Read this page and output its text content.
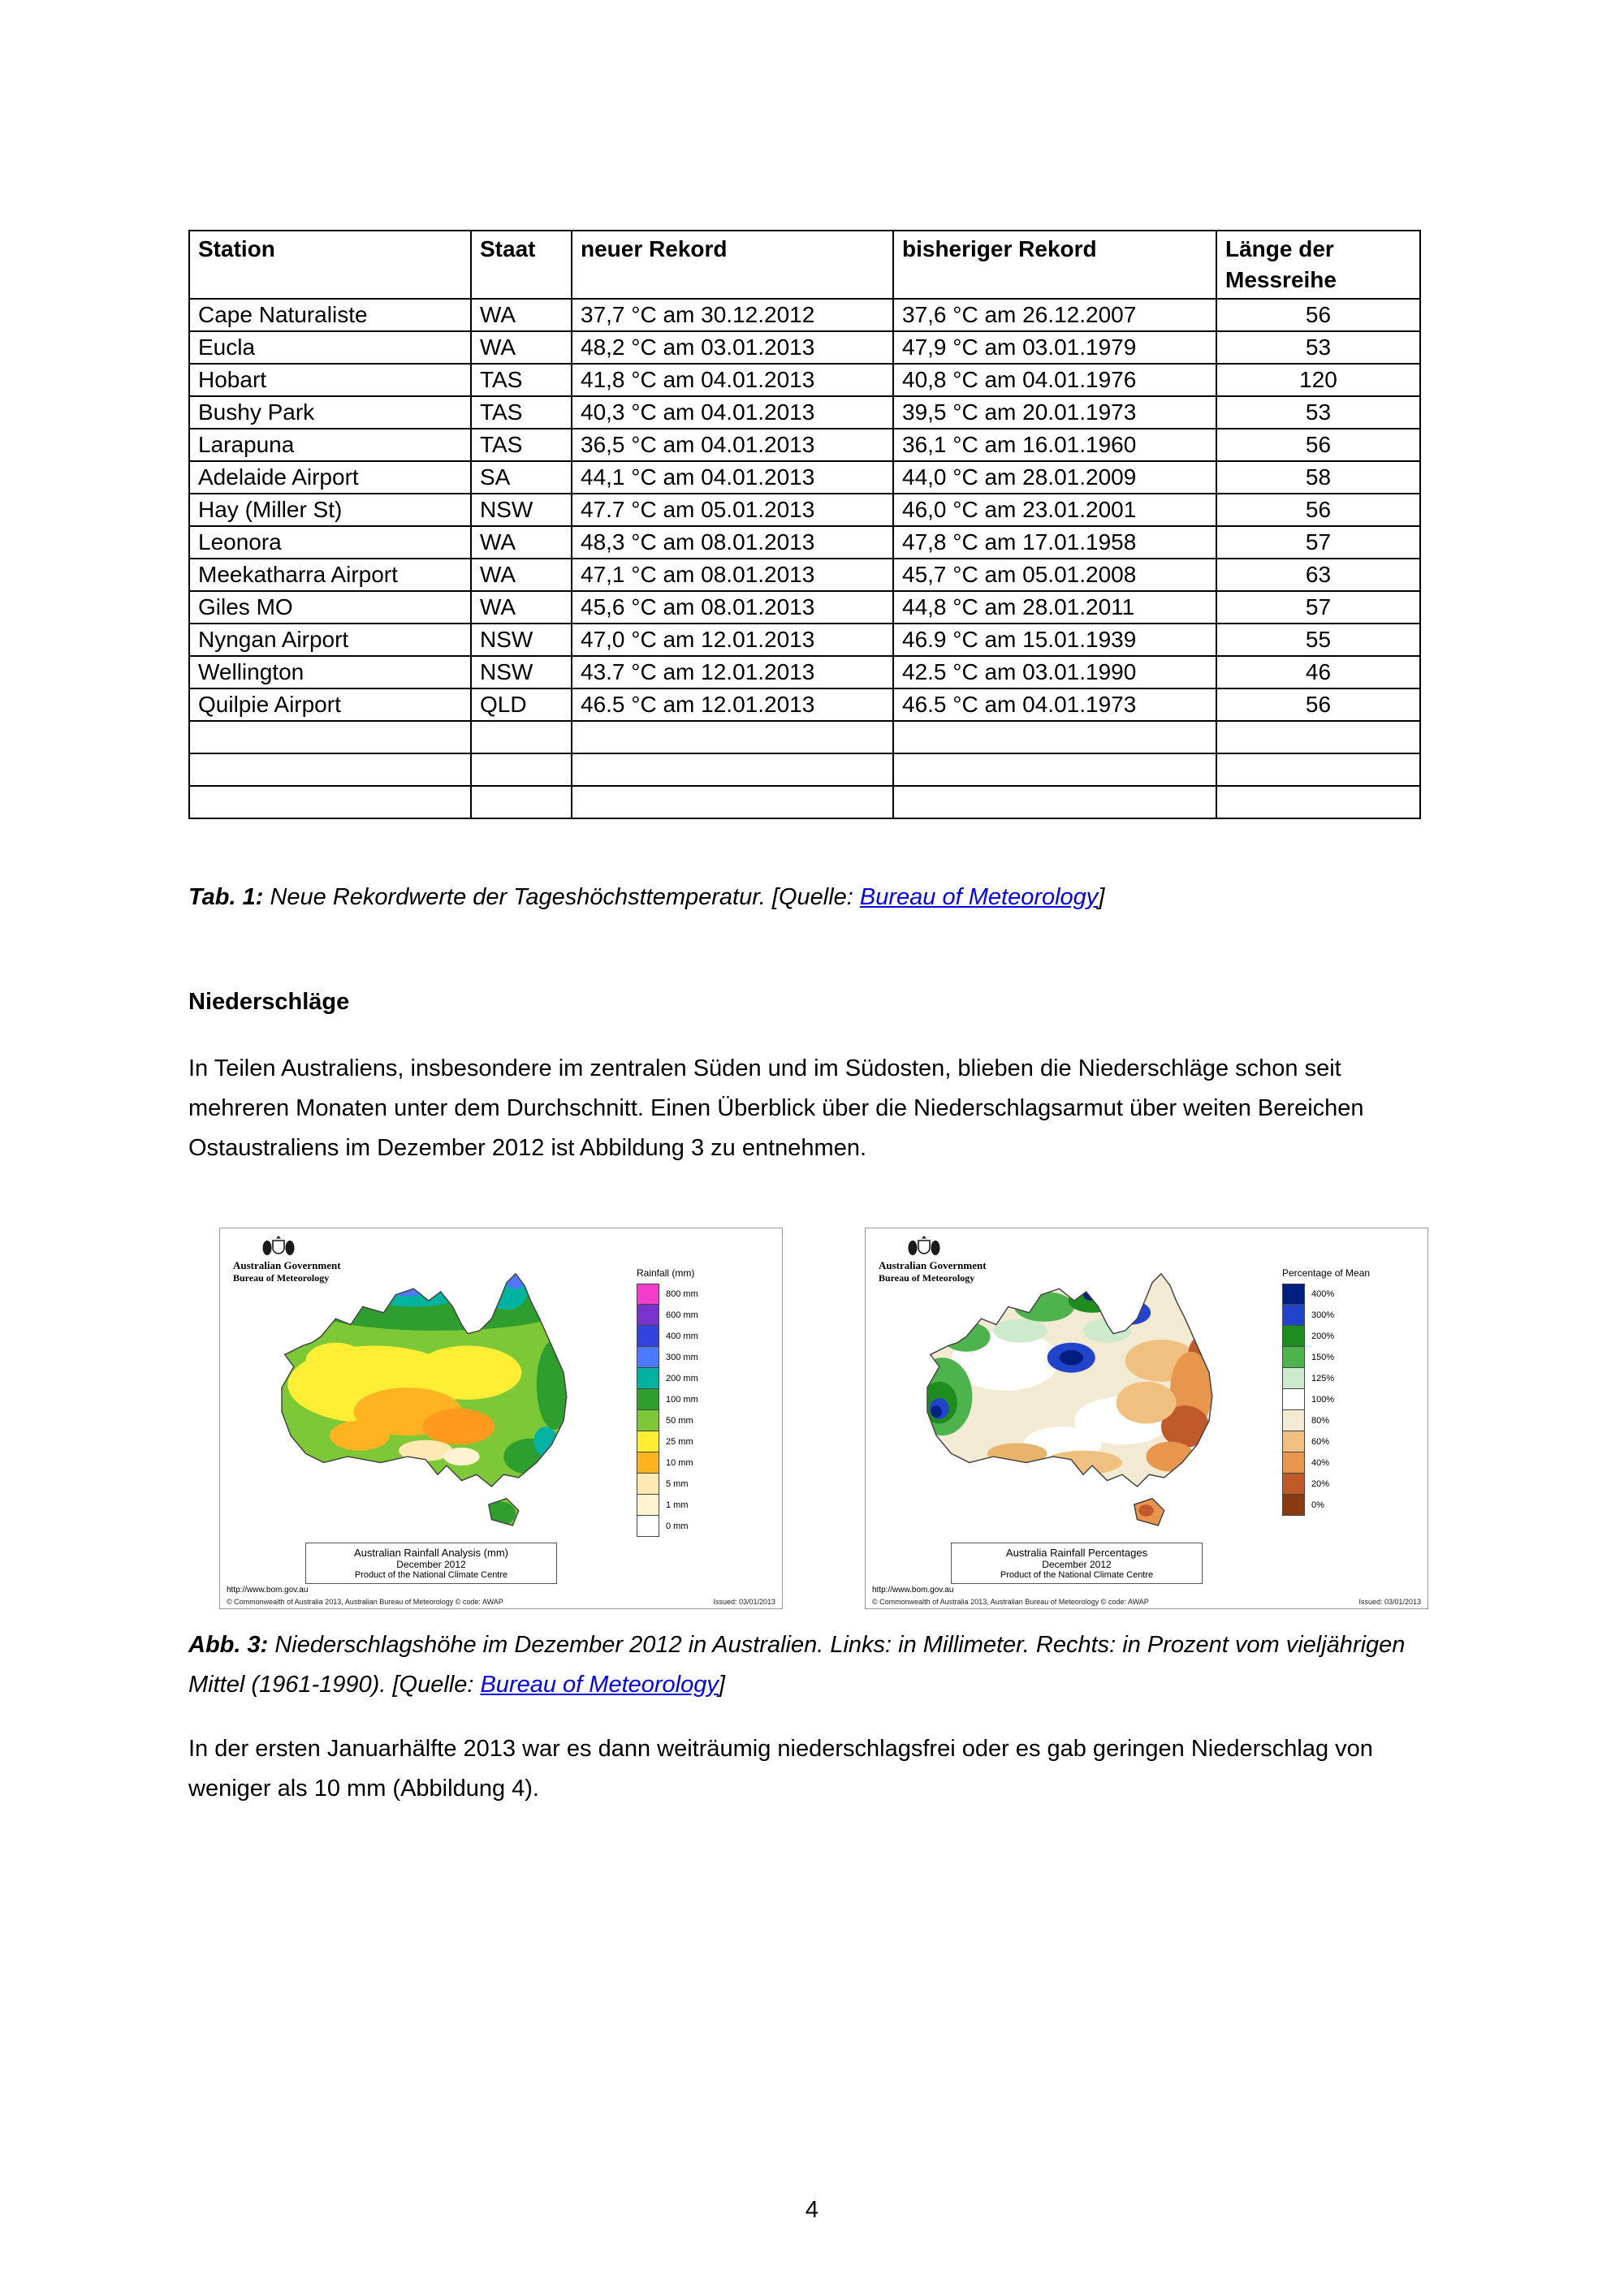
Station	Staat	neuer Rekord	bisheriger Rekord	Länge der Messreihe
Cape Naturaliste	WA	37,7 °C am 30.12.2012	37,6 °C am 26.12.2007	56
Eucla	WA	48,2 °C am 03.01.2013	47,9 °C am 03.01.1979	53
Hobart	TAS	41,8 °C am 04.01.2013	40,8 °C am 04.01.1976	120
Bushy Park	TAS	40,3 °C am 04.01.2013	39,5 °C am 20.01.1973	53
Larapuna	TAS	36,5 °C am 04.01.2013	36,1 °C am 16.01.1960	56
Adelaide Airport	SA	44,1 °C am 04.01.2013	44,0 °C am 28.01.2009	58
Hay (Miller St)	NSW	47.7 °C am 05.01.2013	46,0 °C am 23.01.2001	56
Leonora	WA	48,3 °C am 08.01.2013	47,8 °C am 17.01.1958	57
Meekatharra Airport	WA	47,1 °C am 08.01.2013	45,7 °C am 05.01.2008	63
Giles MO	WA	45,6 °C am 08.01.2013	44,8 °C am 28.01.2011	57
Nyngan Airport	NSW	47,0 °C am 12.01.2013	46.9 °C am 15.01.1939	55
Wellington	NSW	43.7 °C am 12.01.2013	42.5 °C am 03.01.1990	46
Quilpie Airport	QLD	46.5 °C am 12.01.2013	46.5 °C am 04.01.1973	56

Tab. 1: Neue Rekordwerte der Tageshöchsttemperatur. [Quelle: Bureau of Meteorology]

Niederschläge

In Teilen Australiens, insbesondere im zentralen Süden und im Südosten, blieben die Niederschläge schon seit mehreren Monaten unter dem Durchschnitt. Einen Überblick über die Niederschlagsarmut über weiten Bereichen Ostaustraliens im Dezember 2012 ist Abbildung 3 zu entnehmen.

Australian Government
Bureau of Meteorology	Rainfall (mm)
800 mm
600 mm
400 mm
300 mm
200 mm
100 mm
50 mm
25 mm
10 mm
5 mm
1 mm
0 mm
Australian Rainfall Analysis (mm)
December 2012
Product of the National Climate Centre
http://www.bom.gov.au
© Commonwealth of Australia 2013, Australian Bureau of Meteorology © code: AWAP	Issued: 03/01/2013
Australian Government
Bureau of Meteorology	Percentage of Mean
400%
300%
200%
150%
125%
100%
80%
60%
40%
20%
0%
Australia Rainfall Percentages
December 2012
Product of the National Climate Centre
http://www.bom.gov.au
© Commonwealth of Australia 2013, Australian Bureau of Meteorology © code: AWAP	Issued: 03/01/2013

Abb. 3: Niederschlagshöhe im Dezember 2012 in Australien. Links: in Millimeter. Rechts: in Prozent vom vieljährigen Mittel (1961-1990). [Quelle: Bureau of Meteorology]

In der ersten Januarhälfte 2013 war es dann weiträumig niederschlagsfrei oder es gab geringen Niederschlag von weniger als 10 mm (Abbildung 4).

4
